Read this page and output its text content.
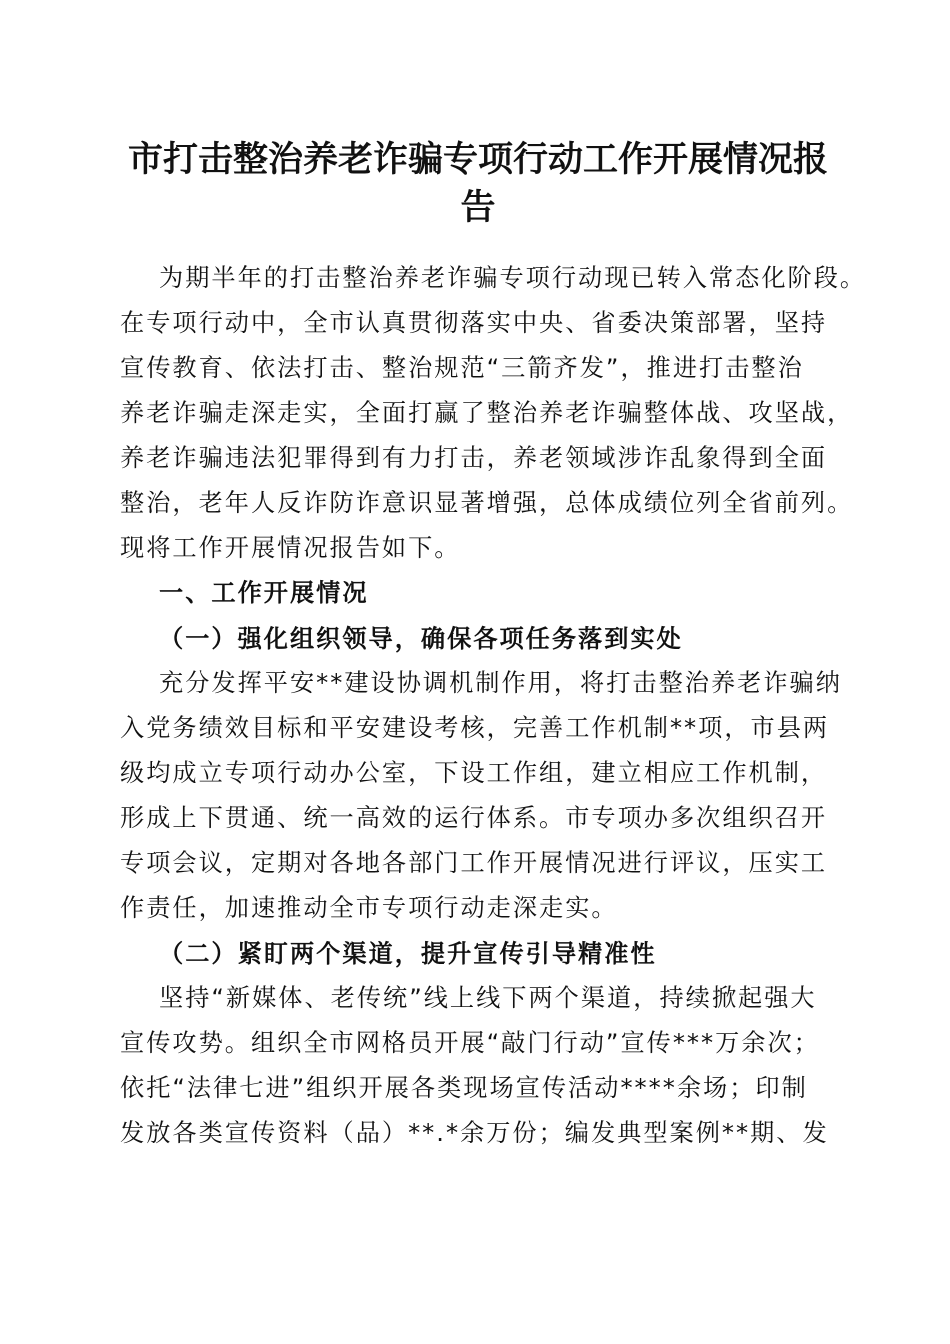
市打击整治养老诈骗专项行动工作开展情况报
告
为期半年的打击整治养老诈骗专项行动现已转入常态化阶段。
在专项行动中，全市认真贯彻落实中央、省委决策部署，坚持
宣传教育、依法打击、整治规范“三箭齐发”，推进打击整治
养老诈骗走深走实，全面打赢了整治养老诈骗整体战、攻坚战，
养老诈骗违法犯罪得到有力打击，养老领域涉诈乱象得到全面
整治，老年人反诈防诈意识显著增强，总体成绩位列全省前列。
现将工作开展情况报告如下。
一、工作开展情况
（一）强化组织领导，确保各项任务落到实处
充分发挥平安**建设协调机制作用，将打击整治养老诈骗纳
入党务绩效目标和平安建设考核，完善工作机制**项，市县两
级均成立专项行动办公室，下设工作组，建立相应工作机制，
形成上下贯通、统一高效的运行体系。市专项办多次组织召开
专项会议，定期对各地各部门工作开展情况进行评议，压实工
作责任，加速推动全市专项行动走深走实。
（二）紧盯两个渠道，提升宣传引导精准性
坚持“新媒体、老传统”线上线下两个渠道，持续掀起强大
宣传攻势。组织全市网格员开展“敲门行动”宣传***万余次；
依托“法律七进”组织开展各类现场宣传活动****余场；印制
发放各类宣传资料（品）**.*余万份；编发典型案例**期、发
